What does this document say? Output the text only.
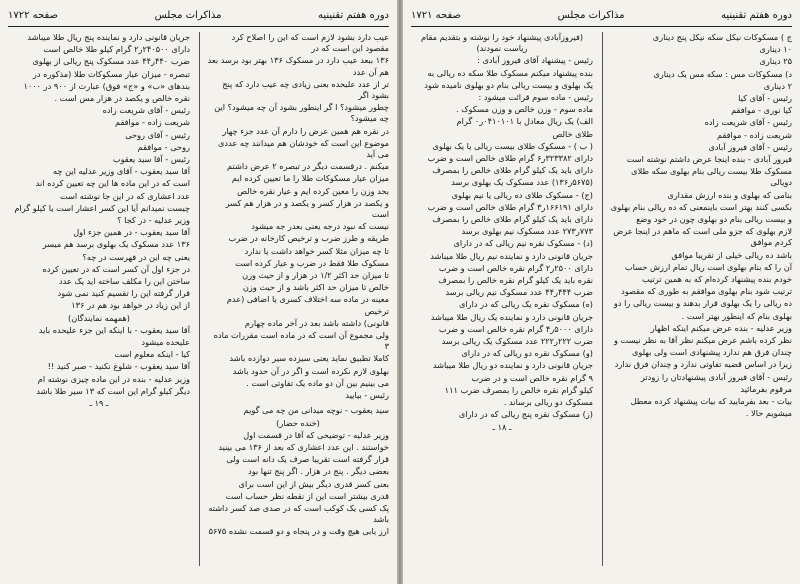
دوره هفتم تقنینیه
مذاکرات مجلس
صفحه ۱۷۲۲

عیب دارد بشود لازم است که این را اصلاح کرد مقصود این است که در

۱۳۶ ببعد عیب دارد در مسکوک ۱۳۶ بهتر بود برسد بعد هم آن عدد

تر از عدد علیحده بعنی زیادی چه عیب دارد که پنج بشود اگر

چطور میشود؟ ا گر اینطور بشود آن چه میشود؟ این چه میشود؟

در نقره هم همین عرض را دارم آن عدد جزء چهار

موضوع این است که خودشان هم میدانند چه عددی می آید

میکنم . درقسمت دیگر در تبصره ۲ عرض داشتم

میزان عیار مسکوکات طلا را ما تعیین کرده ایم

بحد وزن را معین کرده ایم و عیار نقره خالص

و یکصد در هزار کسر و یکصد و در هزار هم کسر است

نیست که نبود درجه یعنی بعدر جه میشود

طریقه و طرز ضرب و ترخیص کارخانه در ضرب

تا چه میزان مثلا کسر خواهد داشت یا ندارد

مسکوک طلا فقط در ضرب و عیار کرده است

تا میزان حد اکثر ۱/۲ در هزار و از حیث وزن

خالص تا میزان حد اکثر باشد و از حیث وزن

معینه در ماده سه اختلاف کسری یا اضافی (عدم ترخیص

قانونی) داشته باشد بعد در آخر ماده چهارم

ولی مجموع آن است که در ماده است مقررات ماده ۳

کاملا تطبیق نماید یعنی سیزده سیر دوازده باشد

بهلوی لازم نکرده است و اگر در آن حدود باشد

می بینیم بین آن دو ماده یک تفاوتی است .

رئیس - بیایید

سید یعقوب - نوچه میدانی من چه می گویم

(خنده حضار)

وزیر عدلیه - توضیحی که آقا در قسمت اول

خواستند . این عدد اعشاری که بعد از ۱۳۶ می بینید

قرار گرفته است تقریبا صرف یک دانه است ولی

بعضی دیگر . پنج در هزار . اگر پنج تنها بود

بعنی کسر قدری دیگر بیش از این است برای

قدری بیشتر است این از نقطه نظر حساب است

پک کسی یک کوکب است که در صدی صد کسر داشته باشد

ارز یابی هیچ وقت و در پنجاه و دو قسمت نشده ۵۶۷۵

جریان قانونی دارد و نماینده پنج ریال طلا میباشد

دارای ۲۴۰۵۰۰ر۲ گرام کیلو طلا خالص است

ضرب ۴۴۰ر۴۴ عدد مسکوک پنج ریالی از بهلوی

تبصره - میزان عیار مسکوکات طلا (مذکوره در

بندهای «ب» و «ج» فوق) عبارت از ۹۰۰ در ۱۰۰۰

نقره خالص و یکصد در هزار مس است .

رئیس - آقای شریعت زاده

شریعت زاده - موافقم

رئیس - آقای روحی

روحی - موافقم

رئیس - آقا سید یعقوب

آقا سید یعقوب - آقای وزیر عدلیه این چه

است که در این ماده ها این چه تعیین کرده اند

عدد اعشاری که در این جا نوشته است

چیست نمیدانم آیا این کسر اعشار است یا کیلو گرام

وزیر عدلیه - در کجا ؟

آقا سید یعقوب - در همین جزء اول

۱۳۶ عدد مسکوک یک بهلوی برسد هم میسر

یعنی چه این در فهرست در چه؟

در جزء اول آن کسر است که در تعیین کرده

ساختن این را مکلف ساخته اید یک عدد

قرار گرفته این را تقسیم کنید نمی شود

از این زیاد در خواهد بود هم در ۱۳۶

(همهمه نمایندگان)

آقا سید یعقوب - با اینکه این جزء علیحده باید

علیحده میشود

کیا - اینکه معلوم است

آقا سید یعقوب - شلوغ نکنید - صبر کنید !!

وزیر عدلیه - بنده در این ماده چیزی نوشته ام

دیگر کیلو گرام این است که ۱۳ سیر طلا باشد

ـ ۱۹ ـ

دوره هفتم تقنینیه
مذاکرات مجلس
صفحه ۱۷۲۱

ج ) مسکوکات نیکل سکه نیکل پنج دیناری

۱۰ دیناری

۲۵ دیناری

د) مسکوکات مس : سکه مس یک دیناری

۲ دیناری

رئیس - آقای کیا

کیا نوری - موافقم

رئیس - آقای شریعت زاده

شریعت زاده - موافقم

رئیس - آقای فیروز آبادی

فیروز آبادی - بنده اینجا عرض داشتم نوشته است

مسکوک طلا بیست ریالی بنام بهلوی سکه طلای دویالی

بنامی که بهلوی و بنده ارزش مقداری

بکسی کنند بهتر است باینمعنی که ده ریالی بنام بهلوی

و بیست ریالی بنام دو بهلوی چون در خود وضع

لازم بهلوی که جزو ملی است که ماهم در اینجا عرض کردم موافق

باشد ده ریالی خیلی از تقریبا موافق

آن را که بنام بهلوی است ریال تمام ارزش حساب

خودم بنده پیشنهاد کرده‌ام که به همین ترتیب

ترتیب شود بنام بهلوی موافقم به طوری که مقصود

ده ریالی را یک بهلوی قرار بدهند و بیست ریالی را دو

بهلوی بنام که اینطور بهتر است .

وزیر عدلیه - بنده عرض میکنم اینکه اظهار

نظر کرده باشم عرض میکنم نظر آقا به نظر نیست و

چندان فرق هم ندارد پیشنهادی است ولی بهلوی

زیرا در اساس قضیه تفاوتی ندارد و چندان فرق ندارد

رئیس - آقای فیروز آبادی پیشنهادتان را زودتر

مرقوم بفرمائید

بیات - بعد بفرمایید که بیات پیشنهاد کرده معطل

میشویم حالا .

(فیروزآبادی پیشنهاد خود را نوشته و بتقدیم مقام ریاست نمودند)

رئیس - پیشنهاد آقای فیروز آبادی :

بنده پیشنهاد میکنم مسکوک طلا سکه ده ریالی به

یک بهلوی و بیست ریالی بنام دو بهلوی نامیده شود

رئیس - ماده سوم قرائت میشود :

ماده سوم - وزن خالص و وزن مسکوک .

الف) یک ریال معادل با ۰۴۱۰۱۰۱ر۰ گرام

طلای خالص

( ب ) - مسکوک طلای بیست ریالی یا یک بهلوی

دارای ۳۲۳۳۸۲ر۶ گرام طلای خالص است و ضرب

دارای باید یک کیلو گرام طلای خالص را بمصرف

(۵۶۷۵ر۱۳۶) عدد مسکوک یک بهلوی برسد

(ج) - مسکوک طلای ده ریالی یا نیم بهلوی

دارای ۱۶۶۱۹۱ر۳ گرام طلای خالص است و ضرب

دارای باید یک کیلو گرام طلای خالص را بمصرف

۷۷۳ر۲۷۳ عدد مسکوک نیم بهلوی برسد

(د) - مسکوک نقره نیم ریالی که در دارای

جریان قانونی دارد و نماینده نیم ریال طلا میباشد

دارای ۲۵۰۰ر۲ گرام نقره خالص است و ضرب

نقره باید یک کیلو گرام نقره خالص را بمصرف

ضرب ۴۴۴ر۴۴ عدد مسکوک نیم ریالی برسد

(ه) مسکوک نقره یک ریالی که در دارای

جریان قانونی دارد و نماینده یک ریال طلا میباشد

دارای ۵۰۰۰ر۴ گرام نقره خالص است و ضرب

ضرب ۲۲۲ر۲۲۲ عدد مسکوک یک ریالی برسد

(و) مسکوک نقره دو ریالی که در دارای

جریان قانونی دارد و نماینده دو ریال طلا میباشد

۹ گرام نقره خالص است و در ضرب

کیلو گرام نقره خالص را بمصرف ضرب ۱۱۱

مسکوک دو ریالی برساند .

(ز) مسکوک نقره پنج ریالی که در دارای

ـ ۱۸ ـ
